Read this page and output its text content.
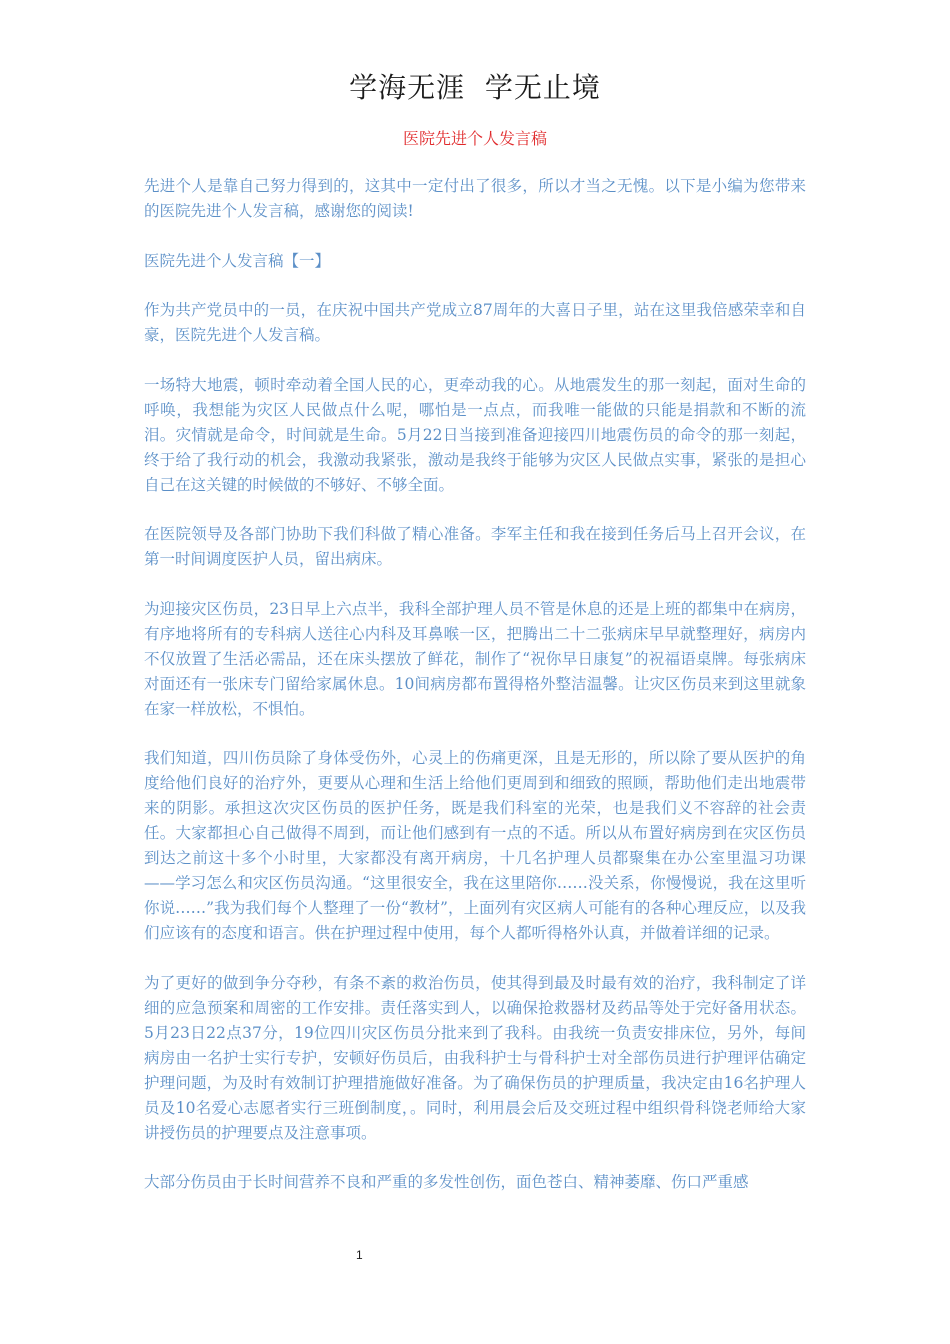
学海无涯  学无止境
医院先进个人发言稿

先进个人是靠自己努力得到的，这其中一定付出了很多，所以才当之无愧。以下是小编为您带来的医院先进个人发言稿，感谢您的阅读!

医院先进个人发言稿【一】

作为共产党员中的一员，在庆祝中国共产党成立87周年的大喜日子里，站在这里我倍感荣幸和自豪，医院先进个人发言稿。

一场特大地震，顿时牵动着全国人民的心，更牵动我的心。从地震发生的那一刻起，面对生命的呼唤，我想能为灾区人民做点什么呢，哪怕是一点点，而我唯一能做的只能是捐款和不断的流泪。灾情就是命令，时间就是生命。5月22日当接到准备迎接四川地震伤员的命令的那一刻起，终于给了我行动的机会，我激动我紧张，激动是我终于能够为灾区人民做点实事，紧张的是担心自己在这关键的时候做的不够好、不够全面。

在医院领导及各部门协助下我们科做了精心准备。李军主任和我在接到任务后马上召开会议，在第一时间调度医护人员，留出病床。

为迎接灾区伤员，23日早上六点半，我科全部护理人员不管是休息的还是上班的都集中在病房，有序地将所有的专科病人送往心内科及耳鼻喉一区，把腾出二十二张病床早早就整理好，病房内不仅放置了生活必需品，还在床头摆放了鲜花，制作了“祝你早日康复”的祝福语桌牌。每张病床对面还有一张床专门留给家属休息。10间病房都布置得格外整洁温馨。让灾区伤员来到这里就象在家一样放松，不惧怕。

我们知道，四川伤员除了身体受伤外，心灵上的伤痛更深，且是无形的，所以除了要从医护的角度给他们良好的治疗外，更要从心理和生活上给他们更周到和细致的照顾，帮助他们走出地震带来的阴影。承担这次灾区伤员的医护任务，既是我们科室的光荣，也是我们义不容辞的社会责任。大家都担心自己做得不周到，而让他们感到有一点的不适。所以从布置好病房到在灾区伤员到达之前这十多个小时里，大家都没有离开病房，十几名护理人员都聚集在办公室里温习功课——学习怎么和灾区伤员沟通。“这里很安全，我在这里陪你……没关系，你慢慢说，我在这里听你说……”我为我们每个人整理了一份“教材”，上面列有灾区病人可能有的各种心理反应，以及我们应该有的态度和语言。供在护理过程中使用，每个人都听得格外认真，并做着详细的记录。

为了更好的做到争分夺秒，有条不紊的救治伤员，使其得到最及时最有效的治疗，我科制定了详细的应急预案和周密的工作安排。责任落实到人，以确保抢救器材及药品等处于完好备用状态。 5月23日22点37分，19位四川灾区伤员分批来到了我科。由我统一负责安排床位，另外，每间病房由一名护士实行专护，安顿好伤员后，由我科护士与骨科护士对全部伤员进行护理评估确定护理问题，为及时有效制订护理措施做好准备。为了确保伤员的护理质量，我决定由16名护理人员及10名爱心志愿者实行三班倒制度，。同时，利用晨会后及交班过程中组织骨科饶老师给大家讲授伤员的护理要点及注意事项。

大部分伤员由于长时间营养不良和严重的多发性创伤，面色苍白、精神萎靡、伤口严重感

1
